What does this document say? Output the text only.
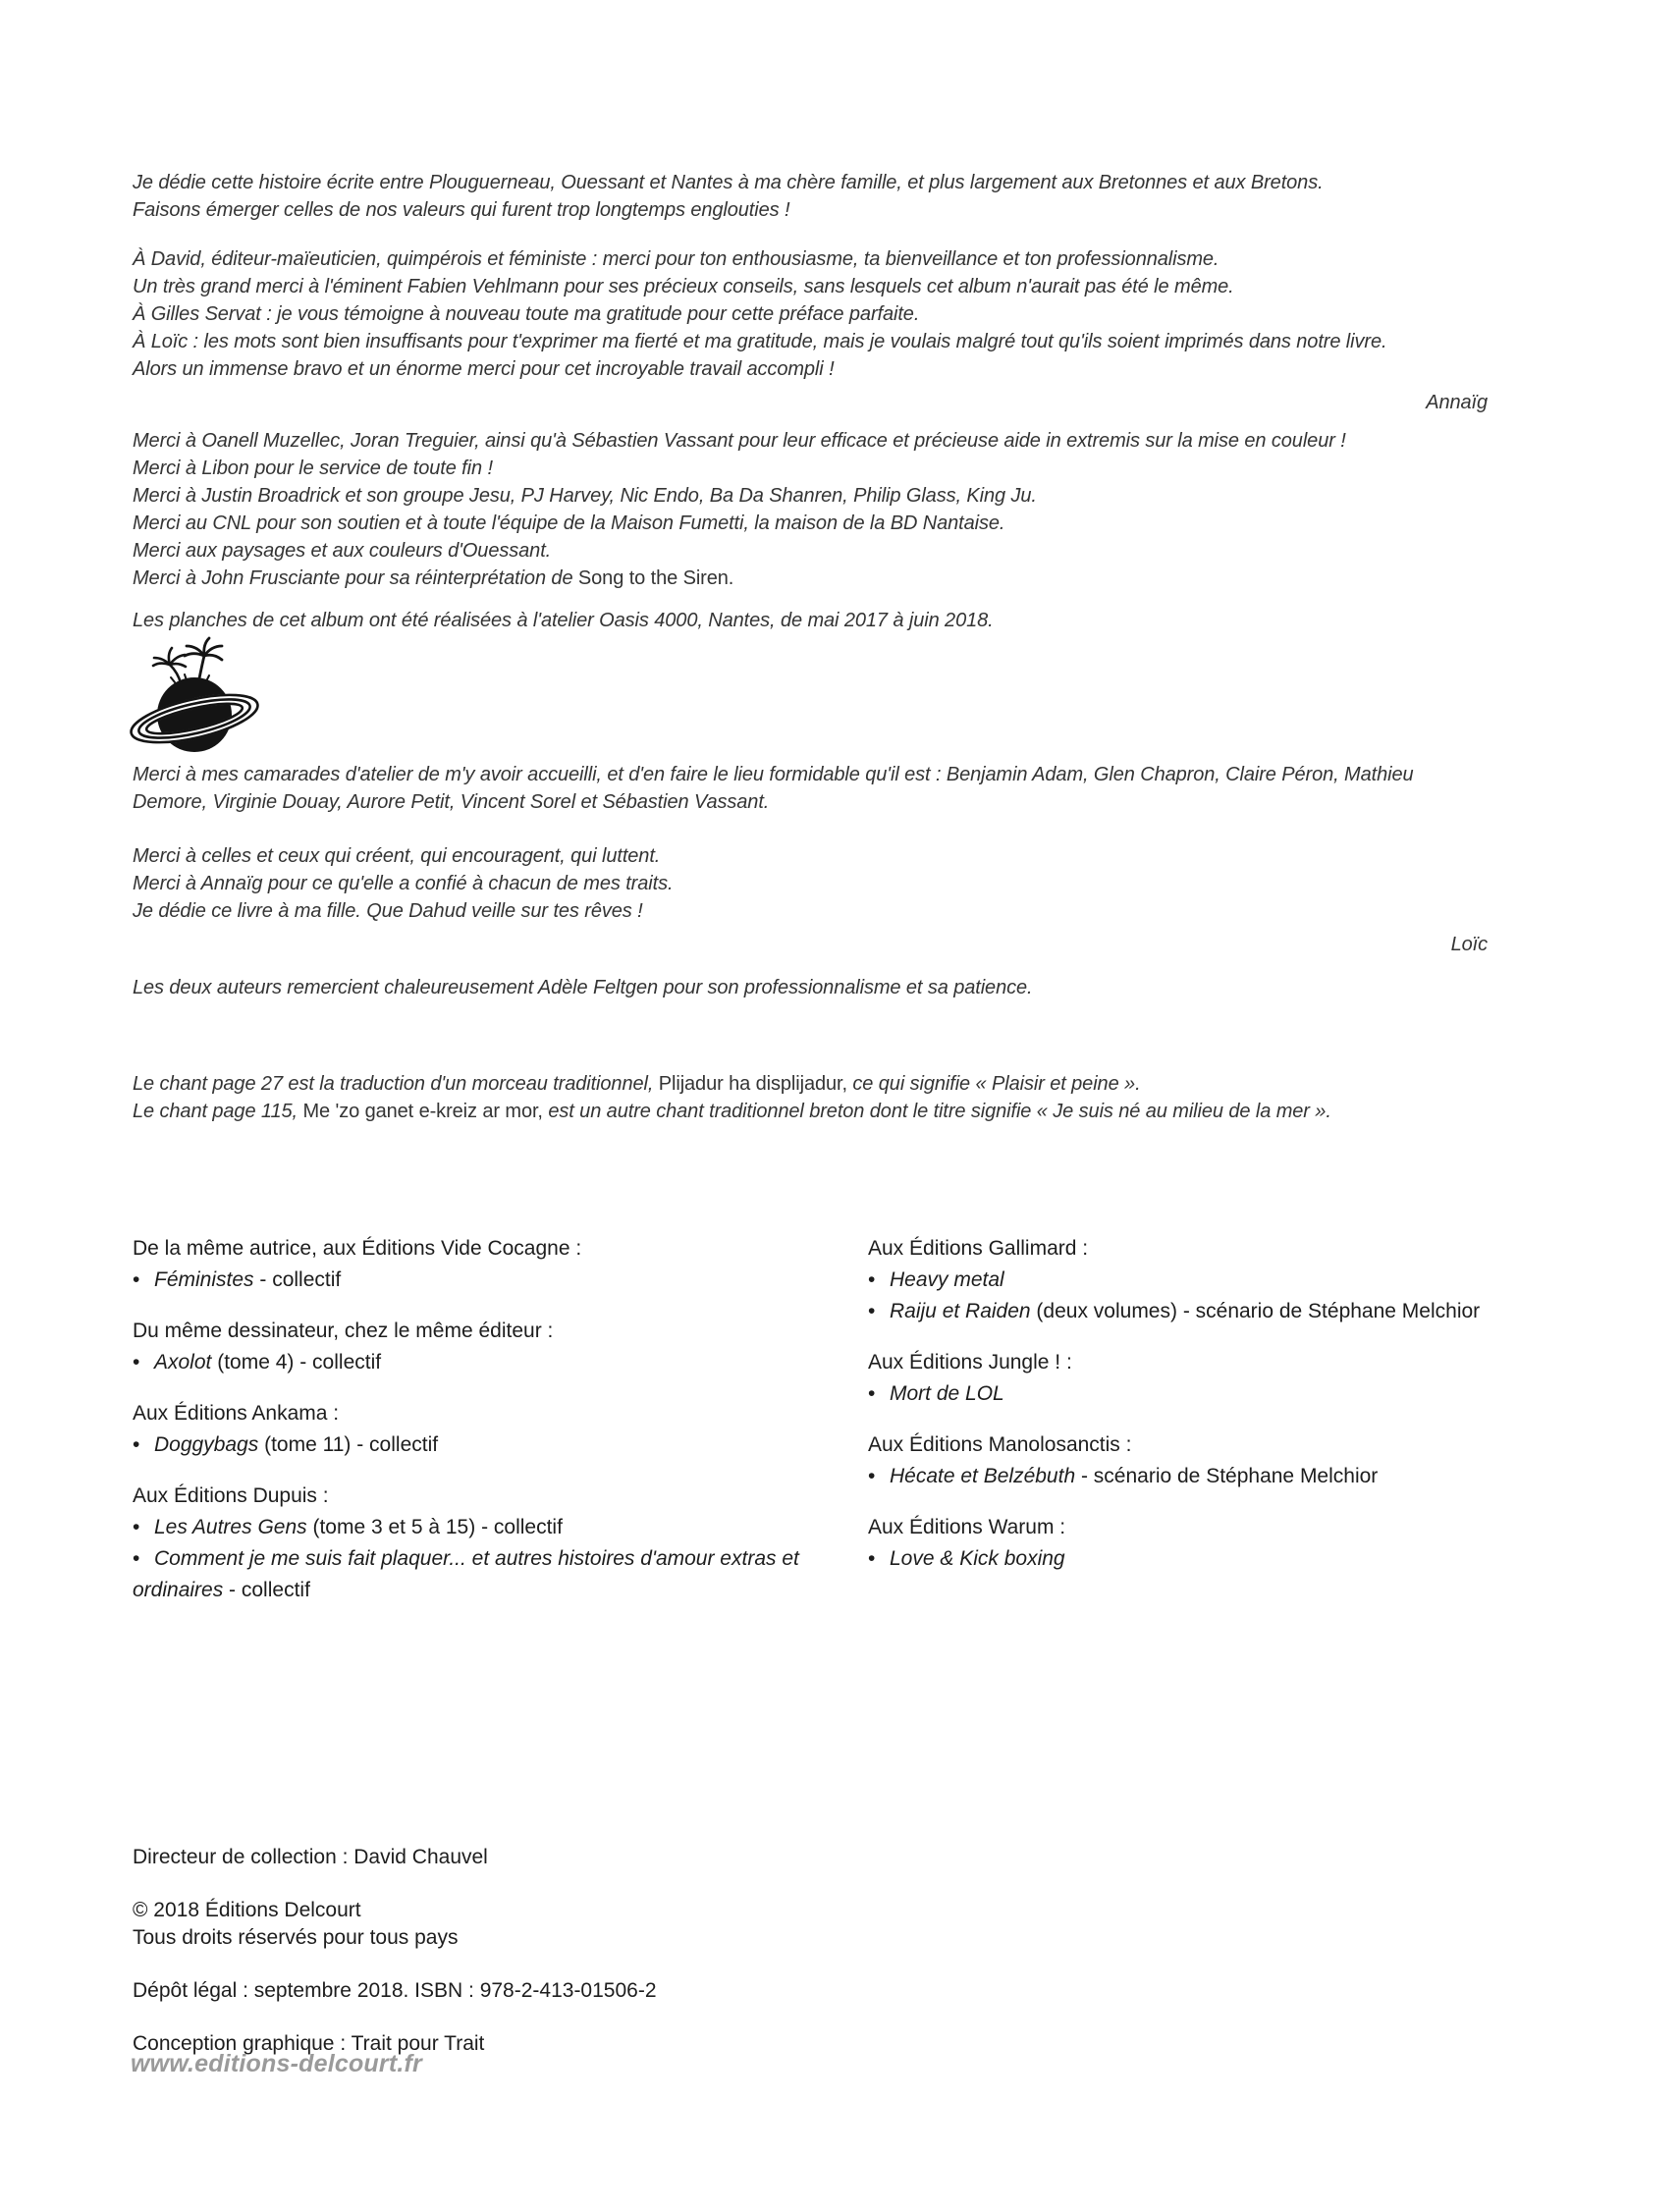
Je dédie cette histoire écrite entre Plouguerneau, Ouessant et Nantes à ma chère famille, et plus largement aux Bretonnes et aux Bretons.

Faisons émerger celles de nos valeurs qui furent trop longtemps englouties !

À David, éditeur-maïeuticien, quimpérois et féministe : merci pour ton enthousiasme, ta bienveillance et ton professionnalisme.

Un très grand merci à l'éminent Fabien Vehlmann pour ses précieux conseils, sans lesquels cet album n'aurait pas été le même.

À Gilles Servat : je vous témoigne à nouveau toute ma gratitude pour cette préface parfaite.

À Loïc : les mots sont bien insuffisants pour t'exprimer ma fierté et ma gratitude, mais je voulais malgré tout qu'ils soient imprimés dans notre livre.

Alors un immense bravo et un énorme merci pour cet incroyable travail accompli !

Annaïg

Merci à Oanell Muzellec, Joran Treguier, ainsi qu'à Sébastien Vassant pour leur efficace et précieuse aide in extremis sur la mise en couleur !

Merci à Libon pour le service de toute fin !

Merci à Justin Broadrick et son groupe Jesu, PJ Harvey, Nic Endo, Ba Da Shanren, Philip Glass, King Ju.

Merci au CNL pour son soutien et à toute l'équipe de la Maison Fumetti, la maison de la BD Nantaise.

Merci aux paysages et aux couleurs d'Ouessant.

Merci à John Frusciante pour sa réinterprétation de Song to the Siren.

Les planches de cet album ont été réalisées à l'atelier Oasis 4000, Nantes, de mai 2017 à juin 2018.

Merci à mes camarades d'atelier de m'y avoir accueilli, et d'en faire le lieu formidable qu'il est : Benjamin Adam, Glen Chapron, Claire Péron, Mathieu

Demore, Virginie Douay, Aurore Petit, Vincent Sorel et Sébastien Vassant.

Merci à celles et ceux qui créent, qui encouragent, qui luttent.

Merci à Annaïg pour ce qu'elle a confié à chacun de mes traits.

Je dédie ce livre à ma fille. Que Dahud veille sur tes rêves !

Loïc

Les deux auteurs remercient chaleureusement Adèle Feltgen pour son professionnalisme et sa patience.

Le chant page 27 est la traduction d'un morceau traditionnel, Plijadur ha displijadur, ce qui signifie « Plaisir et peine ».

Le chant page 115, Me 'zo ganet e-kreiz ar mor, est un autre chant traditionnel breton dont le titre signifie « Je suis né au milieu de la mer ».

De la même autrice, aux Éditions Vide Cocagne :

• Féministes - collectif

Du même dessinateur, chez le même éditeur :

• Axolot (tome 4) - collectif

Aux Éditions Ankama :

• Doggybags (tome 11) - collectif

Aux Éditions Dupuis :

• Les Autres Gens (tome 3 et 5 à 15) - collectif

• Comment je me suis fait plaquer... et autres histoires d'amour extras et ordinaires - collectif

Aux Éditions Gallimard :

• Heavy metal

• Raiju et Raiden (deux volumes) - scénario de Stéphane Melchior

Aux Éditions Jungle ! :

• Mort de LOL

Aux Éditions Manolosanctis :

• Hécate et Belzébuth - scénario de Stéphane Melchior

Aux Éditions Warum :

• Love & Kick boxing

Directeur de collection : David Chauvel

© 2018 Éditions Delcourt

Tous droits réservés pour tous pays

Dépôt légal : septembre 2018. ISBN : 978-2-413-01506-2

Conception graphique : Trait pour Trait

www.editions-delcourt.fr
